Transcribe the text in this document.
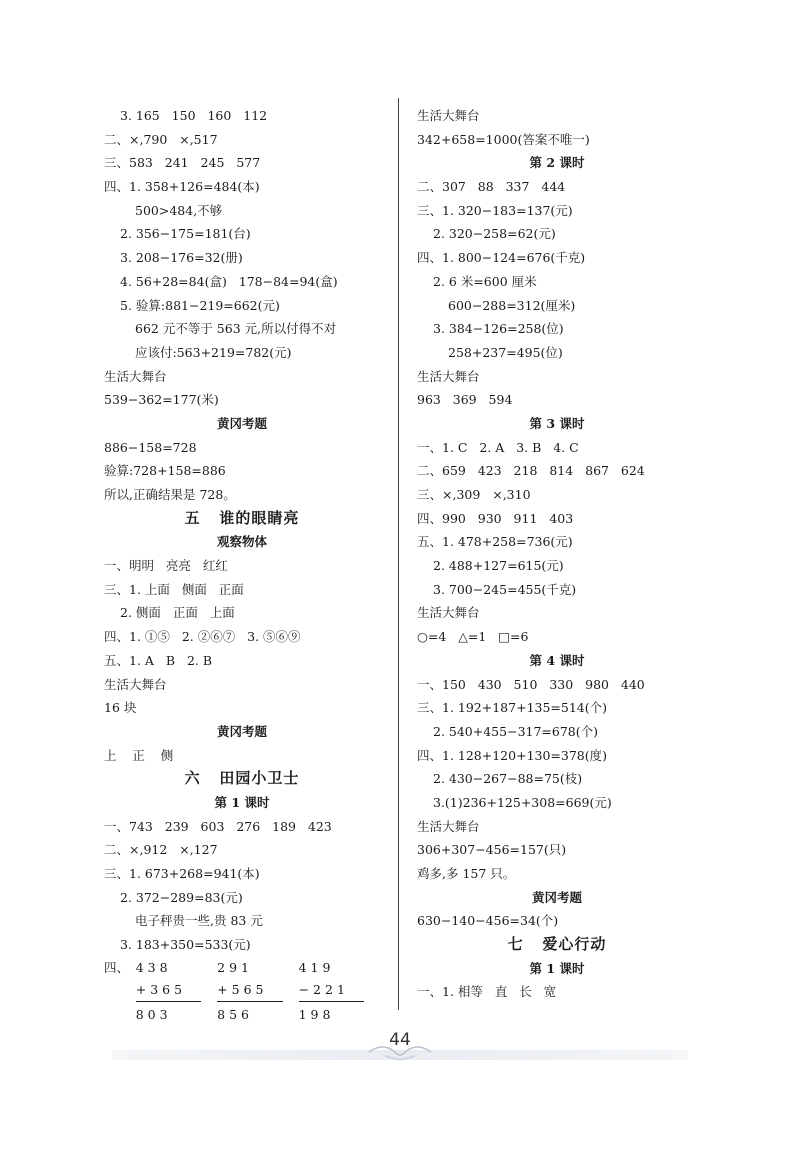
3. 165   150   160   112
二、×,790   ×,517
三、583   241   245   577
四、1. 358+126=484(本)
500>484,不够
2. 356−175=181(台)
3. 208−176=32(册)
4. 56+28=84(盒)   178−84=94(盒)
5. 验算:881−219=662(元)
662 元不等于 563 元,所以付得不对
应该付:563+219=782(元)
生活大舞台
539−362=177(米)
黄冈考题
886−158=728
验算:728+158=886
所以,正确结果是 728。
五   谁的眼睛亮
观察物体
一、明明   亮亮   红红
三、1. 上面   侧面   正面
2. 侧面   正面   上面
四、1. ①⑤   2. ②⑥⑦   3. ⑤⑥⑨
五、1. A   B   2. B
生活大舞台
16 块
黄冈考题
上    正    侧
六   田园小卫士
第 1 课时
一、743   239   603   276   189   423
二、×,912   ×,127
三、1. 673+268=941(本)
2. 372−289=83(元)
电子秤贵一些,贵 83 元
3. 183+350=533(元)
四、 438
+365
803
291
+565
856
419
−221
198
生活大舞台
342+658=1000(答案不唯一)
第 2 课时
二、307   88   337   444
三、1. 320−183=137(元)
2. 320−258=62(元)
四、1. 800−124=676(千克)
2. 6 米=600 厘米
600−288=312(厘米)
3. 384−126=258(位)
258+237=495(位)
生活大舞台
963   369   594
第 3 课时
一、1. C   2. A   3. B   4. C
二、659   423   218   814   867   624
三、×,309   ×,310
四、990   930   911   403
五、1. 478+258=736(元)
2. 488+127=615(元)
3. 700−245=455(千克)
生活大舞台
○=4   △=1   □=6
第 4 课时
一、150   430   510   330   980   440
三、1. 192+187+135=514(个)
2. 540+455−317=678(个)
四、1. 128+120+130=378(度)
2. 430−267−88=75(枝)
3.(1)236+125+308=669(元)
生活大舞台
306+307−456=157(只)
鸡多,多 157 只。
黄冈考题
630−140−456=34(个)
七   爱心行动
第 1 课时
一、1. 相等   直   长   宽
44
